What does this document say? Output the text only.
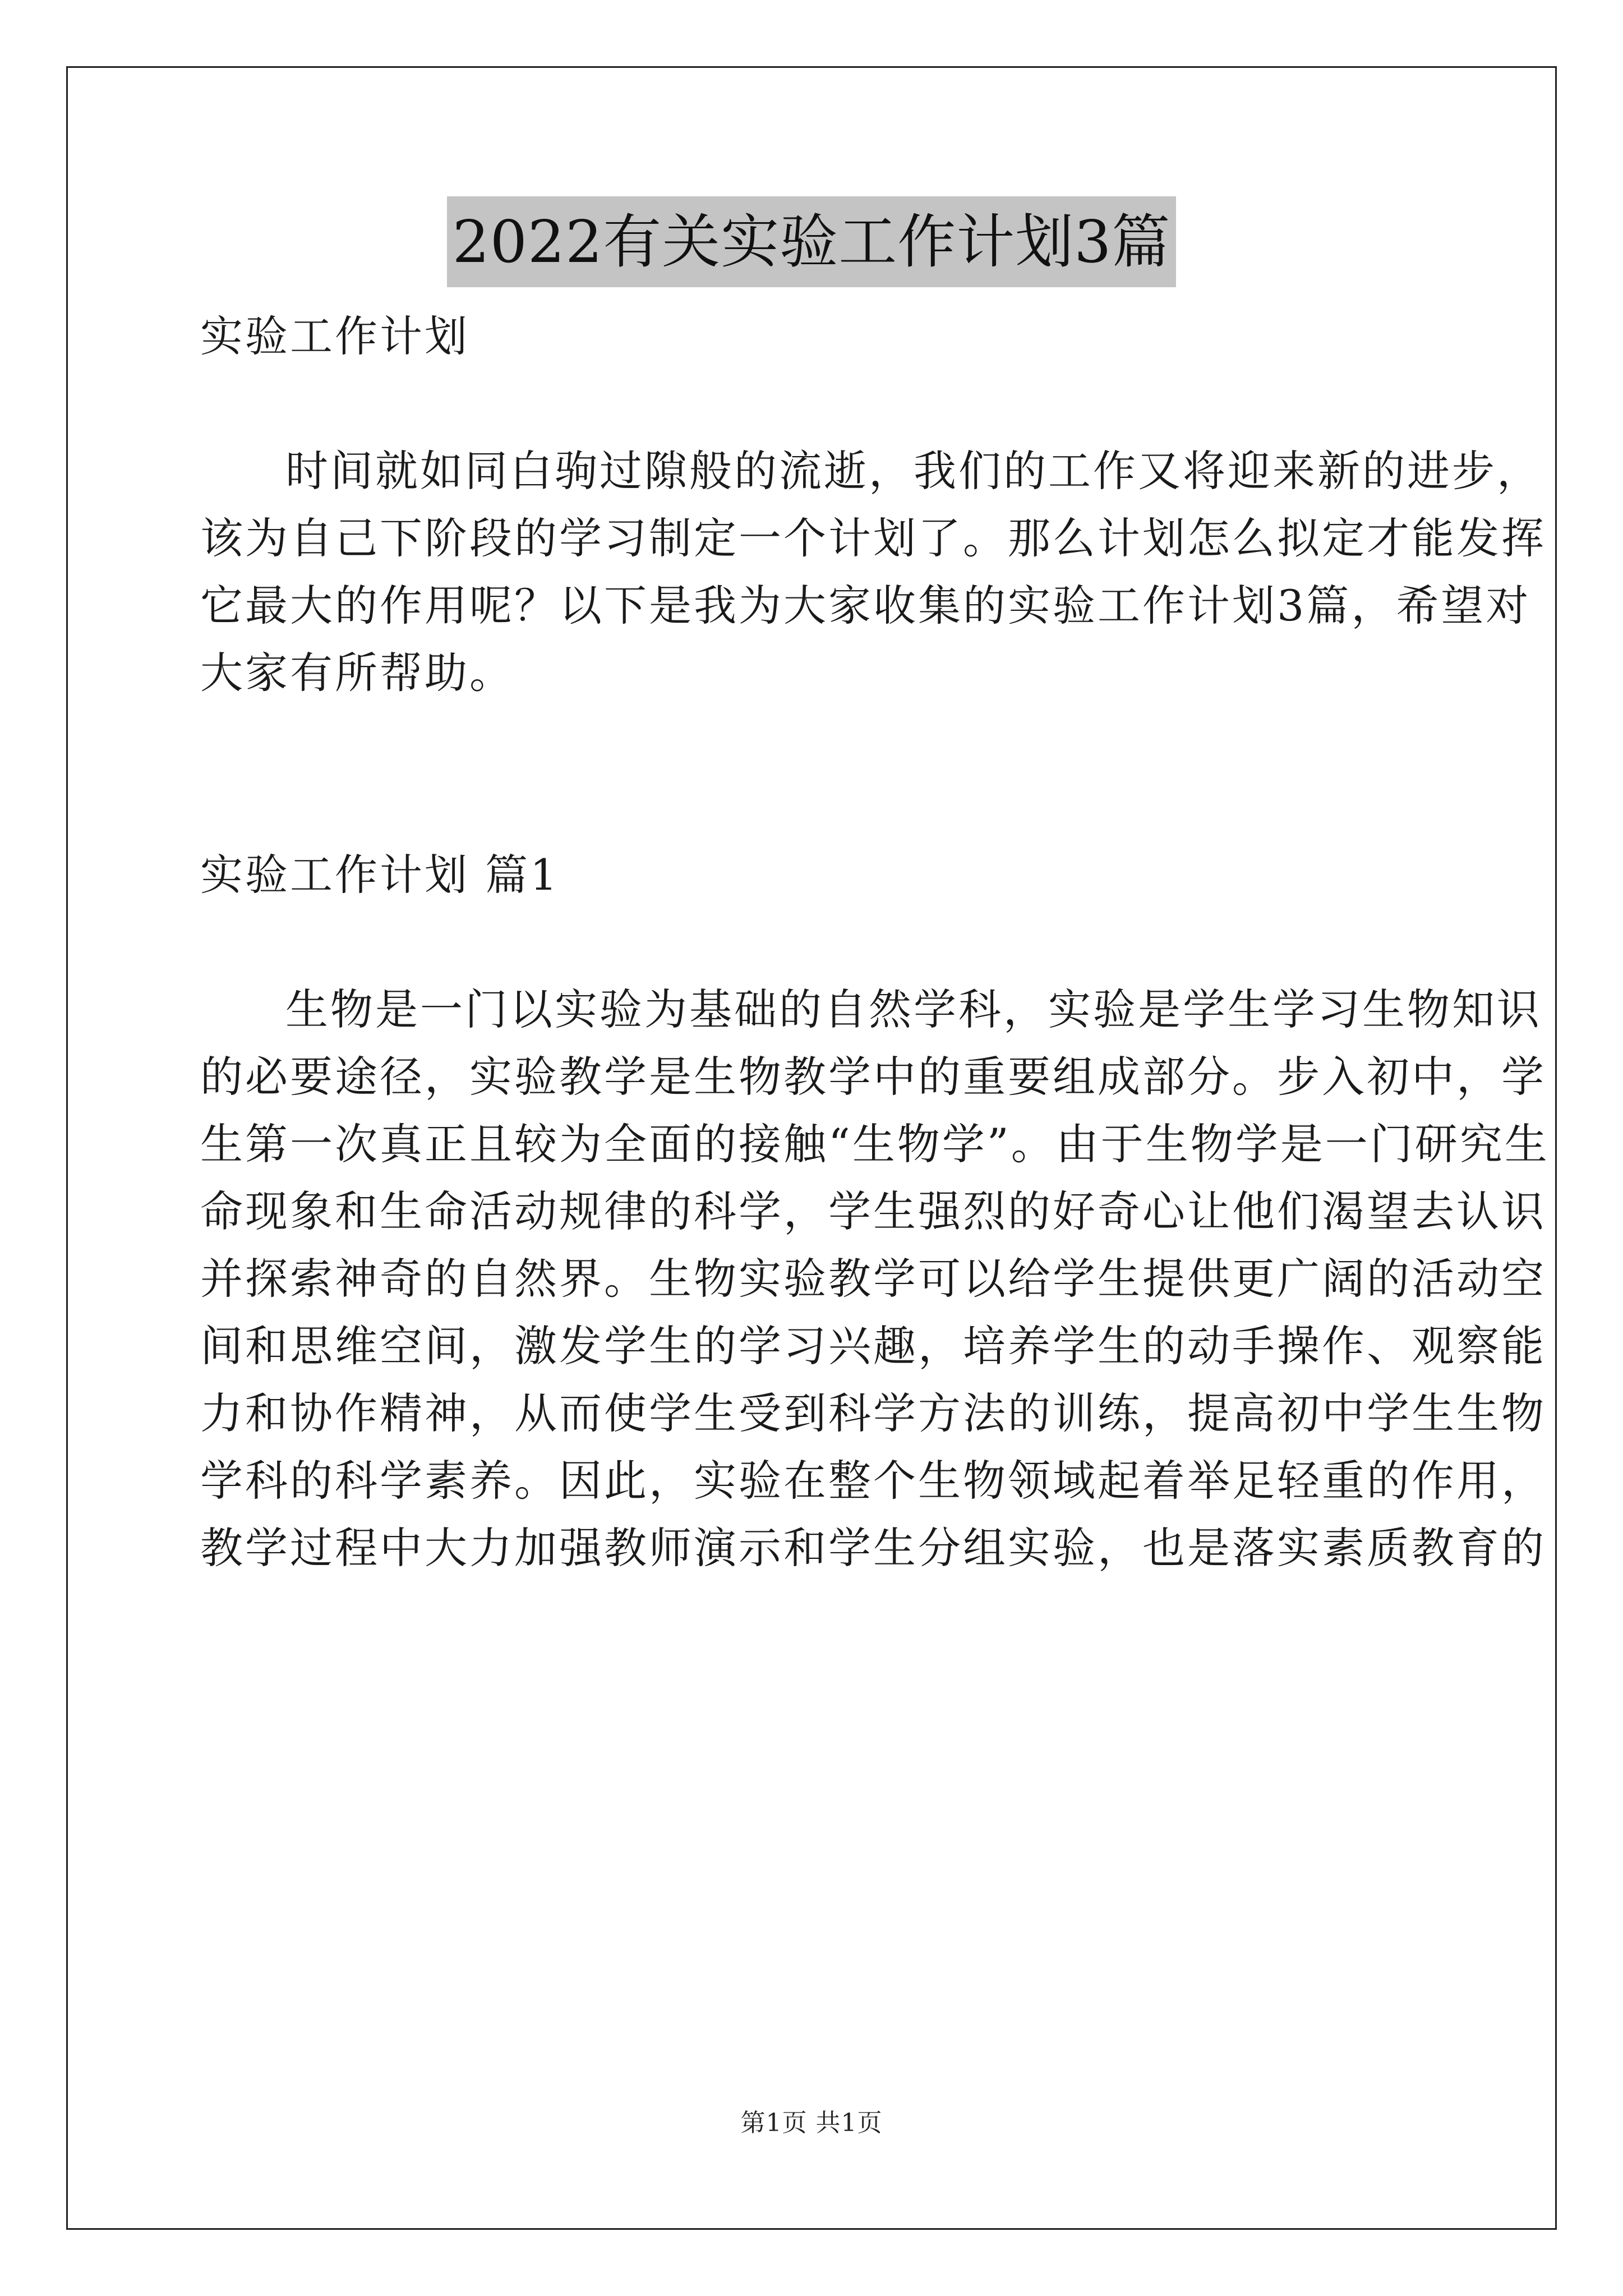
2022有关实验工作计划3篇
实验工作计划
时间就如同白驹过隙般的流逝，我们的工作又将迎来新的进步，
该为自己下阶段的学习制定一个计划了。那么计划怎么拟定才能发挥
它最大的作用呢？以下是我为大家收集的实验工作计划3篇，希望对
大家有所帮助。
实验工作计划 篇1
生物是一门以实验为基础的自然学科，实验是学生学习生物知识
的必要途径，实验教学是生物教学中的重要组成部分。步入初中，学
生第一次真正且较为全面的接触“生物学”。由于生物学是一门研究生
命现象和生命活动规律的科学，学生强烈的好奇心让他们渴望去认识
并探索神奇的自然界。生物实验教学可以给学生提供更广阔的活动空
间和思维空间，激发学生的学习兴趣，培养学生的动手操作、观察能
力和协作精神，从而使学生受到科学方法的训练，提高初中学生生物
学科的科学素养。因此，实验在整个生物领域起着举足轻重的作用，
教学过程中大力加强教师演示和学生分组实验，也是落实素质教育的
第1页 共1页
